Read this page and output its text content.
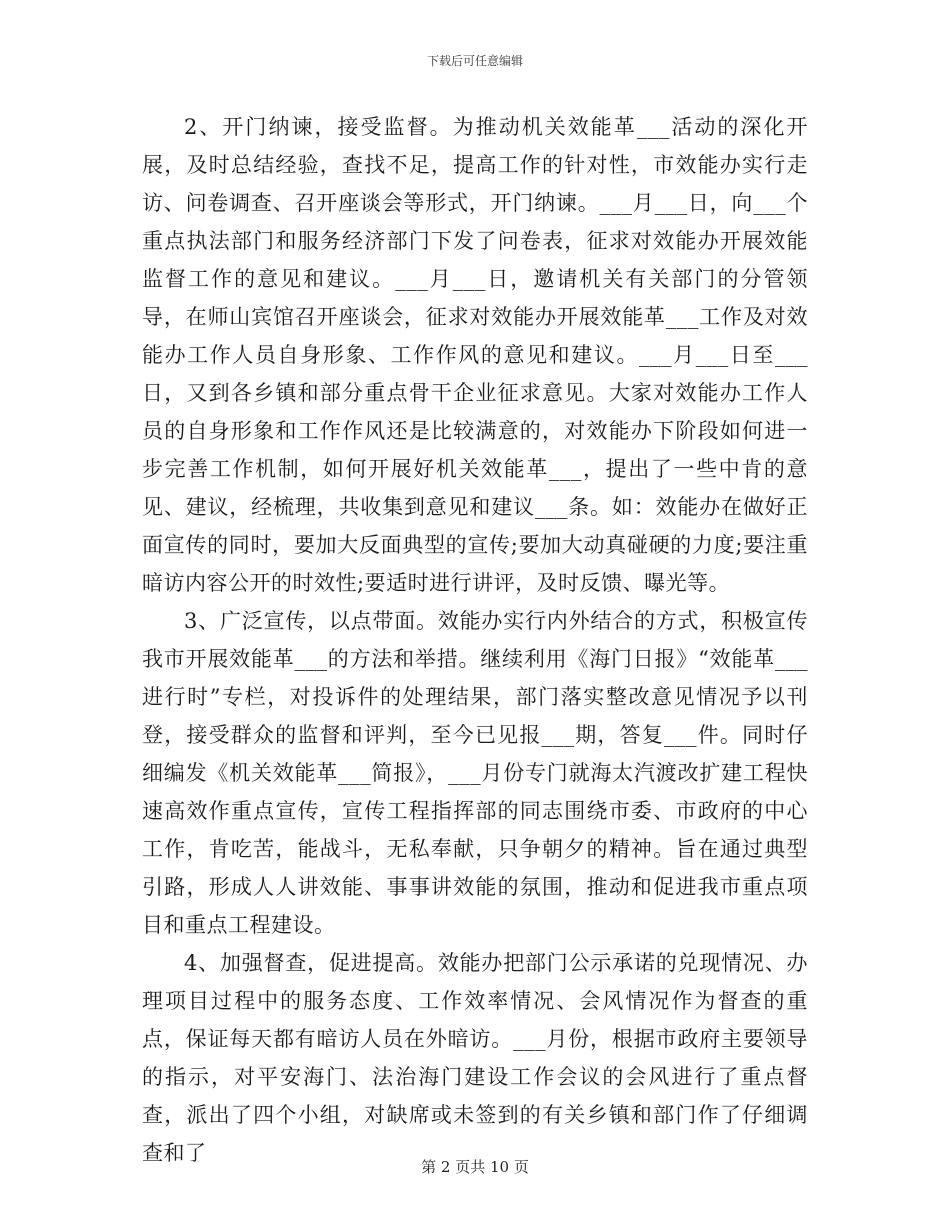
下载后可任意编辑

2、开门纳谏，接受监督。为推动机关效能革___活动的深化开展，及时总结经验，查找不足，提高工作的针对性，市效能办实行走访、问卷调查、召开座谈会等形式，开门纳谏。___月___日，向___个重点执法部门和服务经济部门下发了问卷表，征求对效能办开展效能监督工作的意见和建议。___月___日，邀请机关有关部门的分管领导，在师山宾馆召开座谈会，征求对效能办开展效能革___工作及对效能办工作人员自身形象、工作作风的意见和建议。___月___日至___日，又到各乡镇和部分重点骨干企业征求意见。大家对效能办工作人员的自身形象和工作作风还是比较满意的，对效能办下阶段如何进一步完善工作机制，如何开展好机关效能革___，提出了一些中肯的意见、建议，经梳理，共收集到意见和建议___条。如：效能办在做好正面宣传的同时，要加大反面典型的宣传;要加大动真碰硬的力度;要注重暗访内容公开的时效性;要适时进行讲评，及时反馈、曝光等。

3、广泛宣传，以点带面。效能办实行内外结合的方式，积极宣传我市开展效能革___的方法和举措。继续利用《海门日报》“效能革___进行时”专栏，对投诉件的处理结果，部门落实整改意见情况予以刊登，接受群众的监督和评判，至今已见报___期，答复___件。同时仔细编发《机关效能革___简报》，___月份专门就海太汽渡改扩建工程快速高效作重点宣传，宣传工程指挥部的同志围绕市委、市政府的中心工作，肯吃苦，能战斗，无私奉献，只争朝夕的精神。旨在通过典型引路，形成人人讲效能、事事讲效能的氛围，推动和促进我市重点项目和重点工程建设。

4、加强督查，促进提高。效能办把部门公示承诺的兑现情况、办理项目过程中的服务态度、工作效率情况、会风情况作为督查的重点，保证每天都有暗访人员在外暗访。___月份，根据市政府主要领导的指示，对平安海门、法治海门建设工作会议的会风进行了重点督查，派出了四个小组，对缺席或未签到的有关乡镇和部门作了仔细调查和了

第 2 页共 10 页
